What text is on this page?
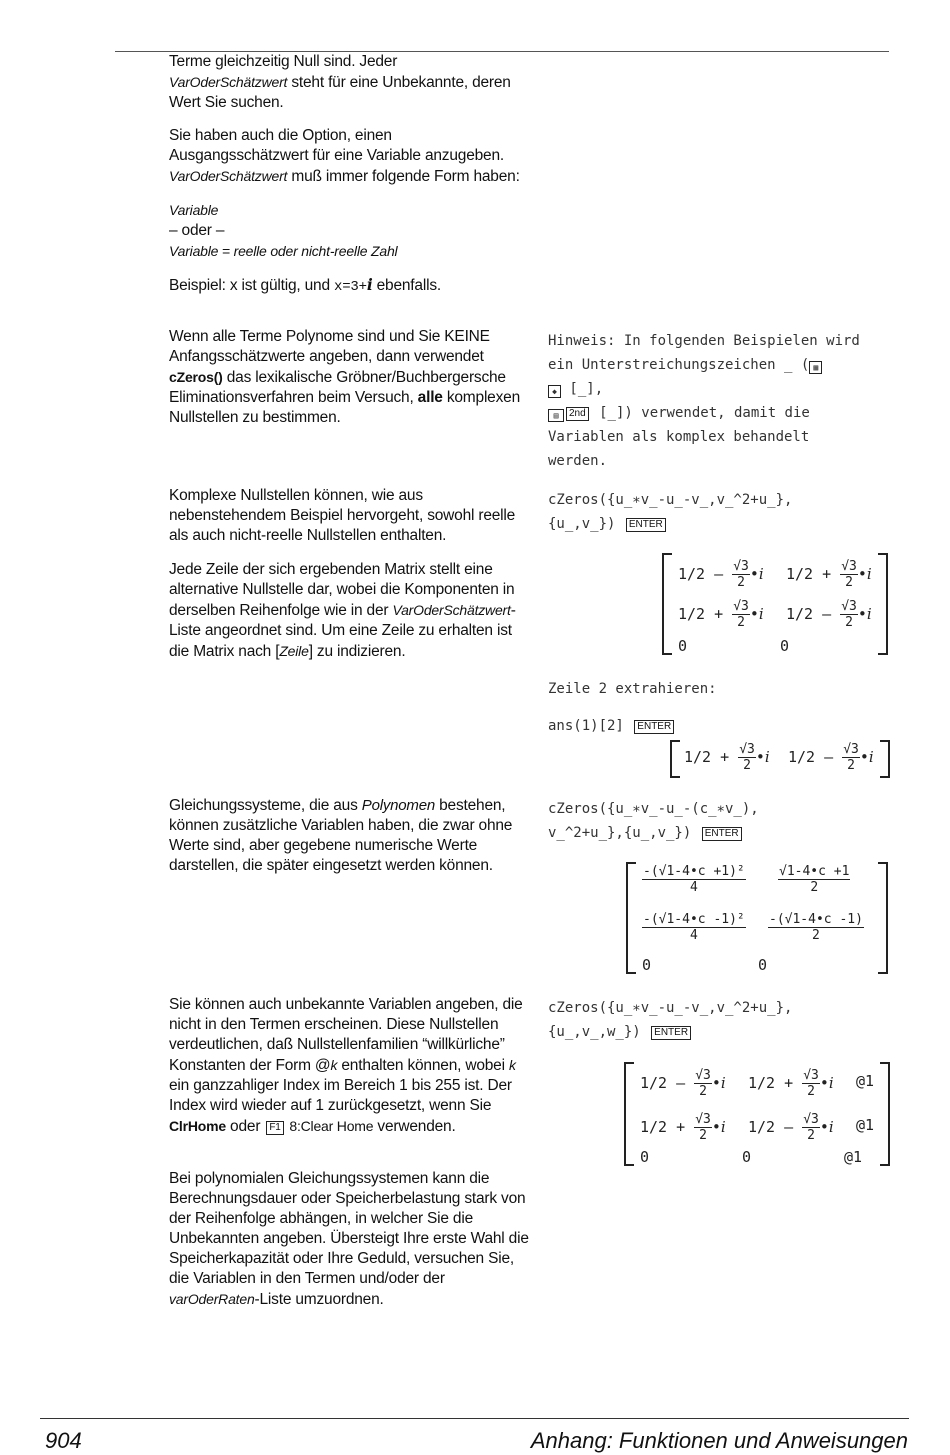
Terme gleichzeitig Null sind. Jeder
VarOderSchätzwert steht für eine Unbekannte, deren Wert Sie suchen.

Sie haben auch die Option, einen Ausgangsschätzwert für eine Variable anzugeben.
VarOderSchätzwert muß immer folgende Form haben:

Variable
– oder –
Variable = reelle oder nicht-reelle Zahl

Beispiel: x ist gültig, und x=3+i ebenfalls.

Wenn alle Terme Polynome sind und Sie KEINE Anfangsschätzwerte angeben, dann verwendet cZeros() das lexikalische Gröbner/Buchbergersche Eliminationsverfahren beim Versuch, alle komplexen Nullstellen zu bestimmen.
Komplexe Nullstellen können, wie aus nebenstehendem Beispiel hervorgeht, sowohl reelle als auch nicht-reelle Nullstellen enthalten.
Jede Zeile der sich ergebenden Matrix stellt eine alternative Nullstelle dar, wobei die Komponenten in derselben Reihenfolge wie in der VarOderSchätzwert-Liste angeordnet sind. Um eine Zeile zu erhalten ist die Matrix nach [Zeile] zu indizieren.
Gleichungssysteme, die aus Polynomen bestehen, können zusätzliche Variablen haben, die zwar ohne Werte sind, aber gegebene numerische Werte darstellen, die später eingesetzt werden können.
Sie können auch unbekannte Variablen angeben, die nicht in den Termen erscheinen. Diese Nullstellen verdeutlichen, daß Nullstellenfamilien “willkürliche” Konstanten der Form @k enthalten können, wobei k ein ganzzahliger Index im Bereich 1 bis 255 ist. Der Index wird wieder auf 1 zurückgesetzt, wenn Sie ClrHome oder F1 8:Clear Home verwenden.
Bei polynomialen Gleichungssystemen kann die Berechnungsdauer oder Speicherbelastung stark von der Reihenfolge abhängen, in welcher Sie die Unbekannten angeben. Übersteigt Ihre erste Wahl die Speicherkapazität oder Ihre Geduld, versuchen Sie, die Variablen in den Termen und/oder der varOderRaten-Liste umzuordnen.
Hinweis: In folgenden Beispielen wird
ein Unterstreichungszeichen _ ( ▦
◆ [_],
▤ 2nd [_]) verwendet, damit die
Variablen als komplex behandelt
werden.
cZeros({u_∗v_-u_-v_,v_^2+u_},
{u_,v_}) ENTER
$1/2 - \frac{√3}{2}$ •i $1/2 + \frac{√3}{2}$ •i
$1/2 + \frac{√3}{2}$ •i $1/2 - \frac{√3}{2}$ •i
0	0
Zeile 2 extrahieren:
ans(1)[2] ENTER
$1/2 + \frac{√3}{2}$ •i $1/2 - \frac{√3}{2}$ •i
cZeros({u_∗v_-u_-(c_∗v_),
v_^2+u_},{u_,v_}) ENTER
$\frac{\text{-(√1-4•c +1)²}}{4} \frac{√1-4•c +1}{2}$
$\frac{\text{-(√1-4•c -1)²}}{4} \frac{-(√1-4•c -1)}{2}$
0	0
cZeros({u_∗v_-u_-v_,v_^2+u_},
{u_,v_,w_}) ENTER
$1/2 - \frac{√3}{2}$ •i $1/2 + \frac{√3}{2}$ •i @1
$1/2 + \frac{√3}{2}$ •i $1/2 - \frac{√3}{2}$ •i @1
0	0	@1
904	Anhang: Funktionen und Anweisungen
